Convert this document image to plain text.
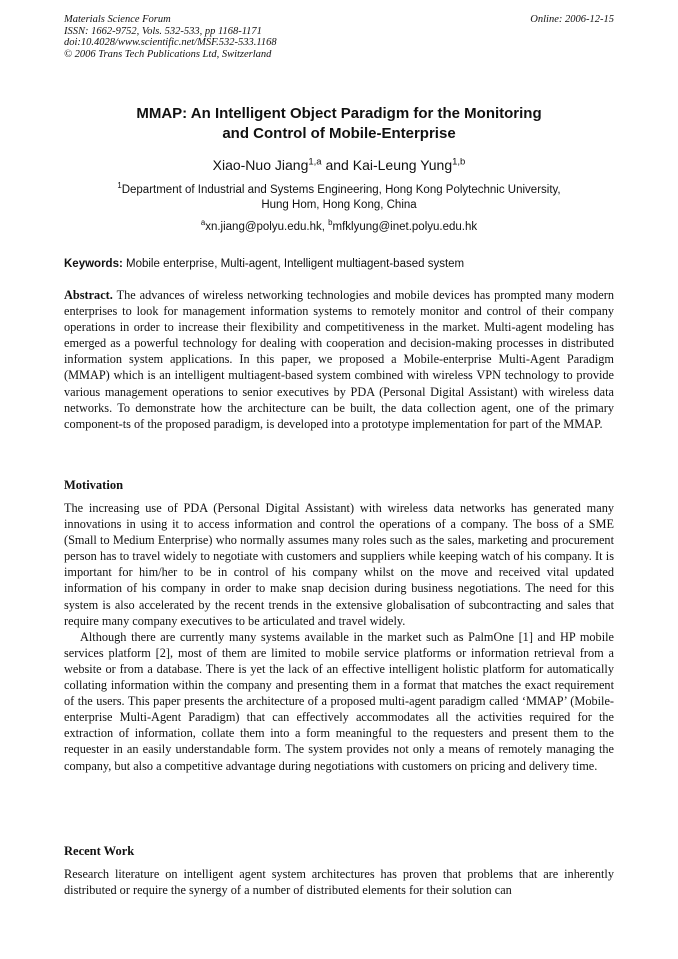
Materials Science Forum
ISSN: 1662-9752, Vols. 532-533, pp 1168-1171
doi:10.4028/www.scientific.net/MSF.532-533.1168
© 2006 Trans Tech Publications Ltd, Switzerland
Online: 2006-12-15
MMAP: An Intelligent Object Paradigm for the Monitoring
and Control of Mobile-Enterprise
Xiao-Nuo Jiang$^{1,a}$ and Kai-Leung Yung$^{1,b}$
$^1$Department of Industrial and Systems Engineering, Hong Kong Polytechnic University,
Hung Hom, Hong Kong, China
$^a$xn.jiang@polyu.edu.hk, $^b$mfklyung@inet.polyu.edu.hk
Keywords: Mobile enterprise, Multi-agent, Intelligent multiagent-based system

Abstract. The advances of wireless networking technologies and mobile devices has prompted many modern enterprises to look for management information systems to remotely monitor and control of their company operations in order to increase their flexibility and competitiveness in the market. Multi-agent modeling has emerged as a powerful technology for dealing with cooperation and decision-making processes in distributed information system applications. In this paper, we proposed a Mobile-enterprise Multi-Agent Paradigm (MMAP) which is an intelligent multiagent-based system combined with wireless VPN technology to provide various management operations to senior executives by PDA (Personal Digital Assistant) with wireless data networks. To demonstrate how the architecture can be built, the data collection agent, one of the primary component-ts of the proposed paradigm, is developed into a prototype implementation for part of the MMAP.

Motivation

The increasing use of PDA (Personal Digital Assistant) with wireless data networks has generated many innovations in using it to access information and control the operations of a company. The boss of a SME (Small to Medium Enterprise) who normally assumes many roles such as the sales, marketing and procurement person has to travel widely to negotiate with customers and suppliers while keeping watch of his company. It is important for him/her to be in control of his company whilst on the move and received vital updated information of his company in order to make snap decision during business negotiations. The need for this system is also accelerated by the recent trends in the extensive globalisation of subcontracting and sales that require many company executives to be articulated and travel widely.

Although there are currently many systems available in the market such as PalmOne [1] and HP mobile services platform [2], most of them are limited to mobile service platforms or information retrieval from a website or from a database. There is yet the lack of an effective intelligent holistic platform for automatically collating information within the company and presenting them in a format that matches the exact requirement of the users. This paper presents the architecture of a proposed multi-agent paradigm called ‘MMAP’ (Mobile-enterprise Multi-Agent Paradigm) that can effectively accommodates all the activities required for the extraction of information, collate them into a form meaningful to the requesters and present them to the requester in an easily understandable form. The system provides not only a means of remotely managing the company, but also a competitive advantage during negotiations with customers on pricing and delivery time.

Recent Work

Research literature on intelligent agent system architectures has proven that problems that are inherently distributed or require the synergy of a number of distributed elements for their solution can
